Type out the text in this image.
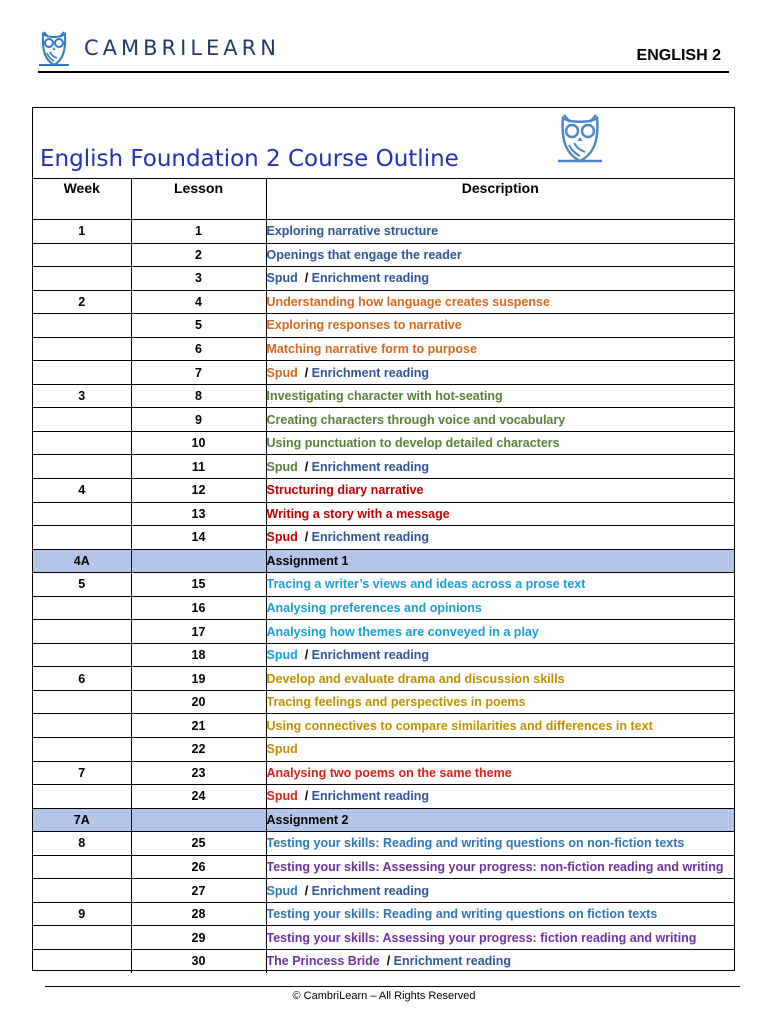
CAMBRILEARN	ENGLISH 2
English Foundation 2 Course Outline
Week	Lesson	Description
1	1	Exploring narrative structure
	2	Openings that engage the reader
	3	Spud  / Enrichment reading
2	4	Understanding how language creates suspense
	5	Exploring responses to narrative
	6	Matching narrative form to purpose
	7	Spud  / Enrichment reading
3	8	Investigating character with hot-seating
	9	Creating characters through voice and vocabulary
	10	Using punctuation to develop detailed characters
	11	Spud  / Enrichment reading
4	12	Structuring diary narrative
	13	Writing a story with a message
	14	Spud  / Enrichment reading
4A		Assignment 1
5	15	Tracing a writer’s views and ideas across a prose text
	16	Analysing preferences and opinions
	17	Analysing how themes are conveyed in a play
	18	Spud  / Enrichment reading
6	19	Develop and evaluate drama and discussion skills
	20	Tracing feelings and perspectives in poems
	21	Using connectives to compare similarities and differences in text
	22	Spud
7	23	Analysing two poems on the same theme
	24	Spud  / Enrichment reading
7A		Assignment 2
8	25	Testing your skills: Reading and writing questions on non-fiction texts
	26	Testing your skills: Assessing your progress: non-fiction reading and writing
	27	Spud  / Enrichment reading
9	28	Testing your skills: Reading and writing questions on fiction texts
	29	Testing your skills: Assessing your progress: fiction reading and writing
	30	The Princess Bride  / Enrichment reading
© CambriLearn – All Rights Reserved
